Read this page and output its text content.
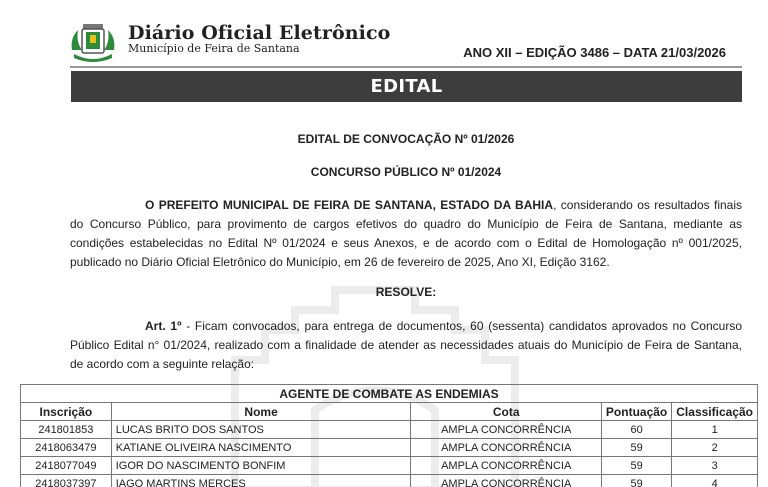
Diário Oficial Eletrônico
Município de Feira de Santana	ANO XII – EDIÇÃO 3486 – DATA 21/03/2026
EDITAL
EDITAL DE CONVOCAÇÃO Nº 01/2026
CONCURSO PÚBLICO Nº 01/2024
O PREFEITO MUNICIPAL DE FEIRA DE SANTANA, ESTADO DA BAHIA, considerando os resultados finais do Concurso Público, para provimento de cargos efetivos do quadro do Município de Feira de Santana, mediante as condições estabelecidas no Edital Nº 01/2024 e seus Anexos, e de acordo com o Edital de Homologação nº 001/2025, publicado no Diário Oficial Eletrônico do Município, em 26 de fevereiro de 2025, Ano XI, Edição 3162.
RESOLVE:
Art. 1º - Ficam convocados, para entrega de documentos, 60 (sessenta) candidatos aprovados no Concurso Público Edital n° 01/2024, realizado com a finalidade de atender as necessidades atuais do Município de Feira de Santana, de acordo com a seguinte relação:
AGENTE DE COMBATE AS ENDEMIAS				
Inscrição	Nome	Cota	Pontuação	Classificação
241801853	LUCAS BRITO DOS SANTOS	AMPLA CONCORRÊNCIA	60	1
2418063479	KATIANE OLIVEIRA NASCIMENTO	AMPLA CONCORRÊNCIA	59	2
2418077049	IGOR DO NASCIMENTO BONFIM	AMPLA CONCORRÊNCIA	59	3
2418037397	IAGO MARTINS MERCES	AMPLA CONCORRÊNCIA	59	4
